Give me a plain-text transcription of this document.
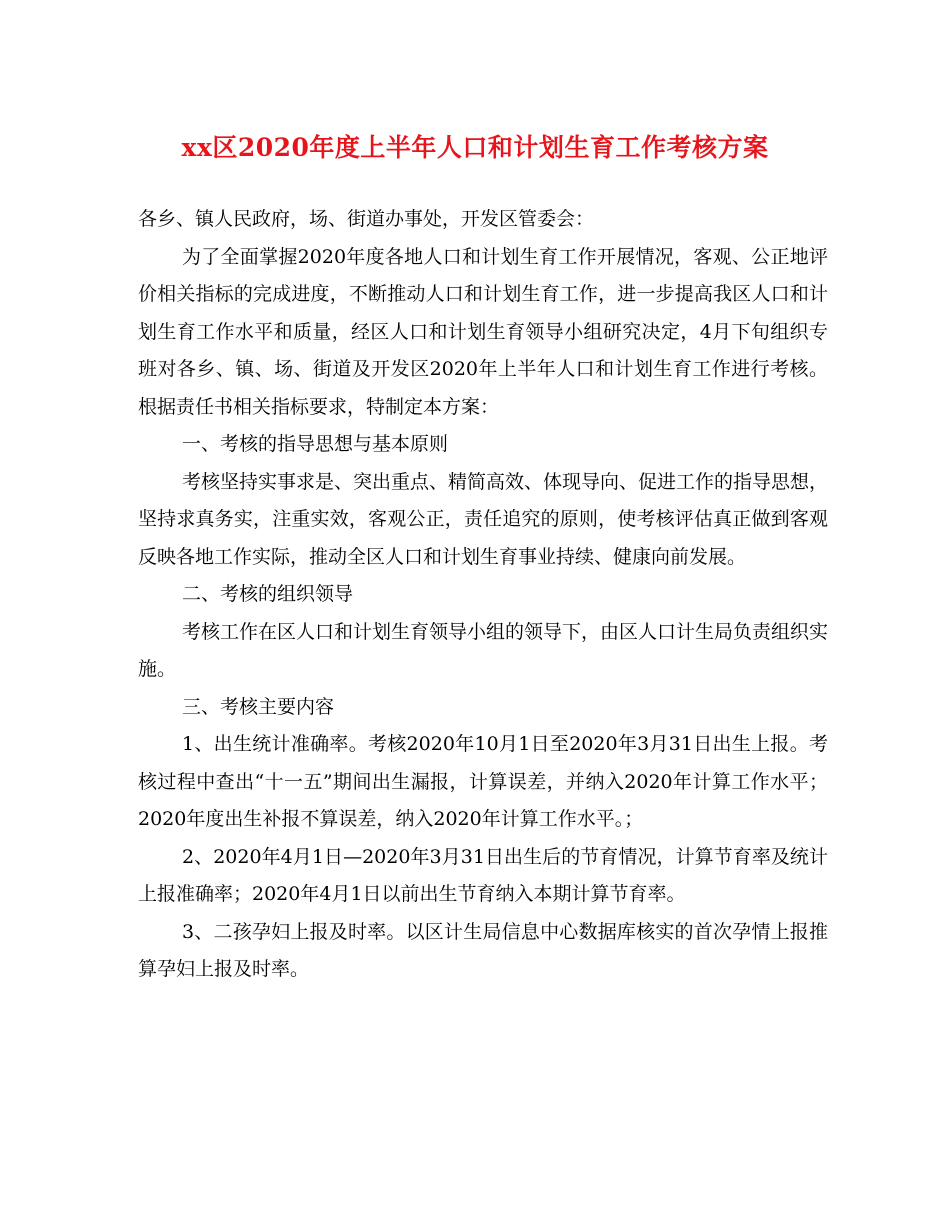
xx区2020年度上半年人口和计划生育工作考核方案

各乡、镇人民政府，场、街道办事处，开发区管委会：

为了全面掌握2020年度各地人口和计划生育工作开展情况，客观、公正地评价相关指标的完成进度，不断推动人口和计划生育工作，进一步提高我区人口和计划生育工作水平和质量，经区人口和计划生育领导小组研究决定，4月下旬组织专班对各乡、镇、场、街道及开发区2020年上半年人口和计划生育工作进行考核。根据责任书相关指标要求，特制定本方案：

一、考核的指导思想与基本原则

考核坚持实事求是、突出重点、精简高效、体现导向、促进工作的指导思想，坚持求真务实，注重实效，客观公正，责任追究的原则，使考核评估真正做到客观反映各地工作实际，推动全区人口和计划生育事业持续、健康向前发展。

二、考核的组织领导

考核工作在区人口和计划生育领导小组的领导下，由区人口计生局负责组织实施。

三、考核主要内容

1、出生统计准确率。考核2020年10月1日至2020年3月31日出生上报。考核过程中查出“十一五”期间出生漏报，计算误差，并纳入2020年计算工作水平；2020年度出生补报不算误差，纳入2020年计算工作水平。；

2、2020年4月1日—2020年3月31日出生后的节育情况，计算节育率及统计上报准确率；2020年4月1日以前出生节育纳入本期计算节育率。

3、二孩孕妇上报及时率。以区计生局信息中心数据库核实的首次孕情上报推算孕妇上报及时率。
